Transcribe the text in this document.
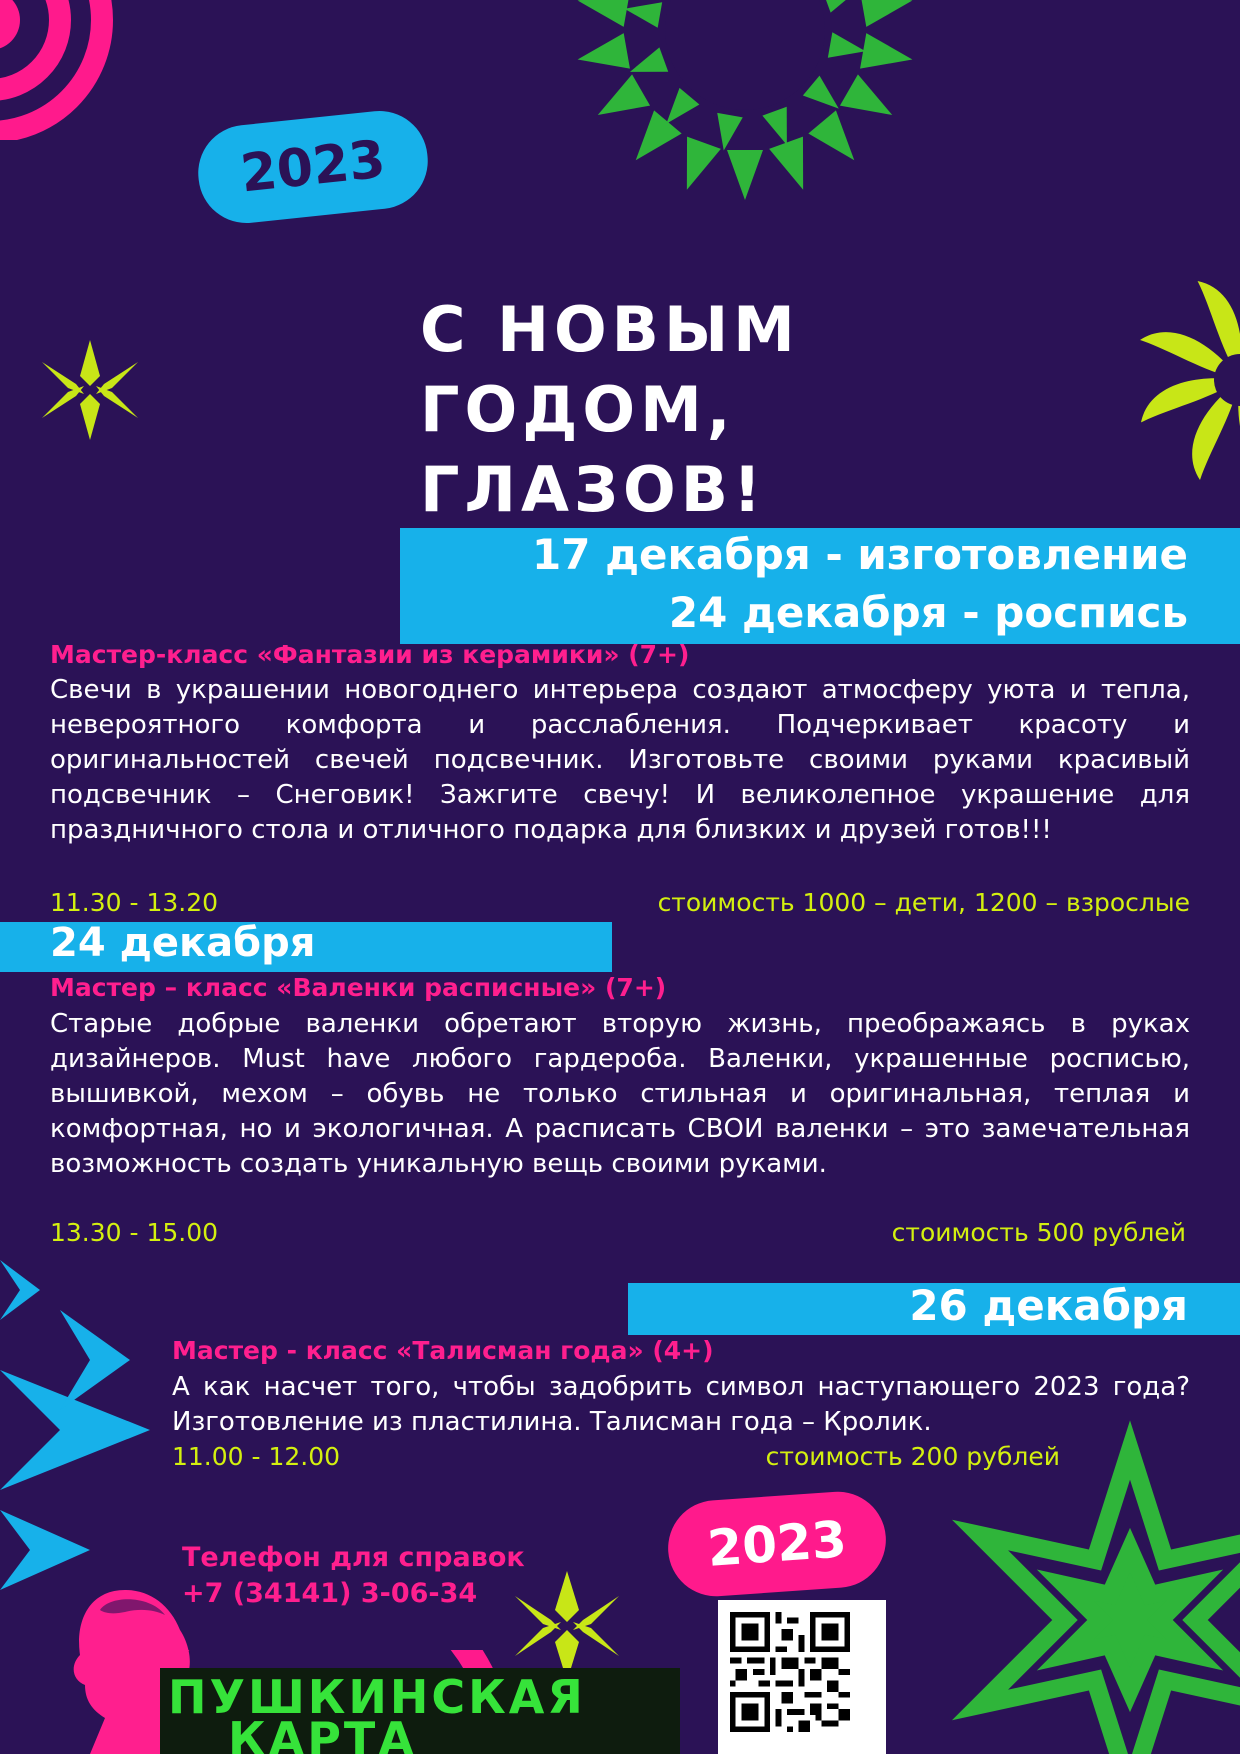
2023
С НОВЫМ
ГОДОМ,
ГЛАЗОВ!
17 декабря - изготовление
24 декабря - роспись
Мастер-класс «Фантазии из керамики» (7+)

Свечи в украшении новогоднего интерьера создают атмосферу уюта и тепла, невероятного комфорта и расслабления. Подчеркивает красоту и оригинальностей свечей подсвечник. Изготовьте своими руками красивый подсвечник – Снеговик! Зажгите свечу! И великолепное украшение для праздничного стола и отличного подарка для близких и друзей готов!!!

11.30 - 13.20	стоимость 1000 – дети, 1200 – взрослые
24 декабря
Мастер – класс «Валенки расписные» (7+)

Старые добрые валенки обретают вторую жизнь, преображаясь в руках дизайнеров. Must have любого гардероба. Валенки, украшенные росписью, вышивкой, мехом – обувь не только стильная и оригинальная, теплая и комфортная, но и экологичная. А расписать СВОИ валенки – это замечательная возможность создать уникальную вещь своими руками.

13.30 - 15.00	стоимость 500 рублей
26 декабря
Мастер - класс «Талисман года» (4+)

А как насчет того, чтобы задобрить символ наступающего 2023 года? Изготовление из пластилина. Талисман года – Кролик.

11.00 - 12.00	стоимость 200 рублей
2023
Телефон для справок
+7 (34141) 3-06-34
ПУШКИНСКАЯ
КАРТА
